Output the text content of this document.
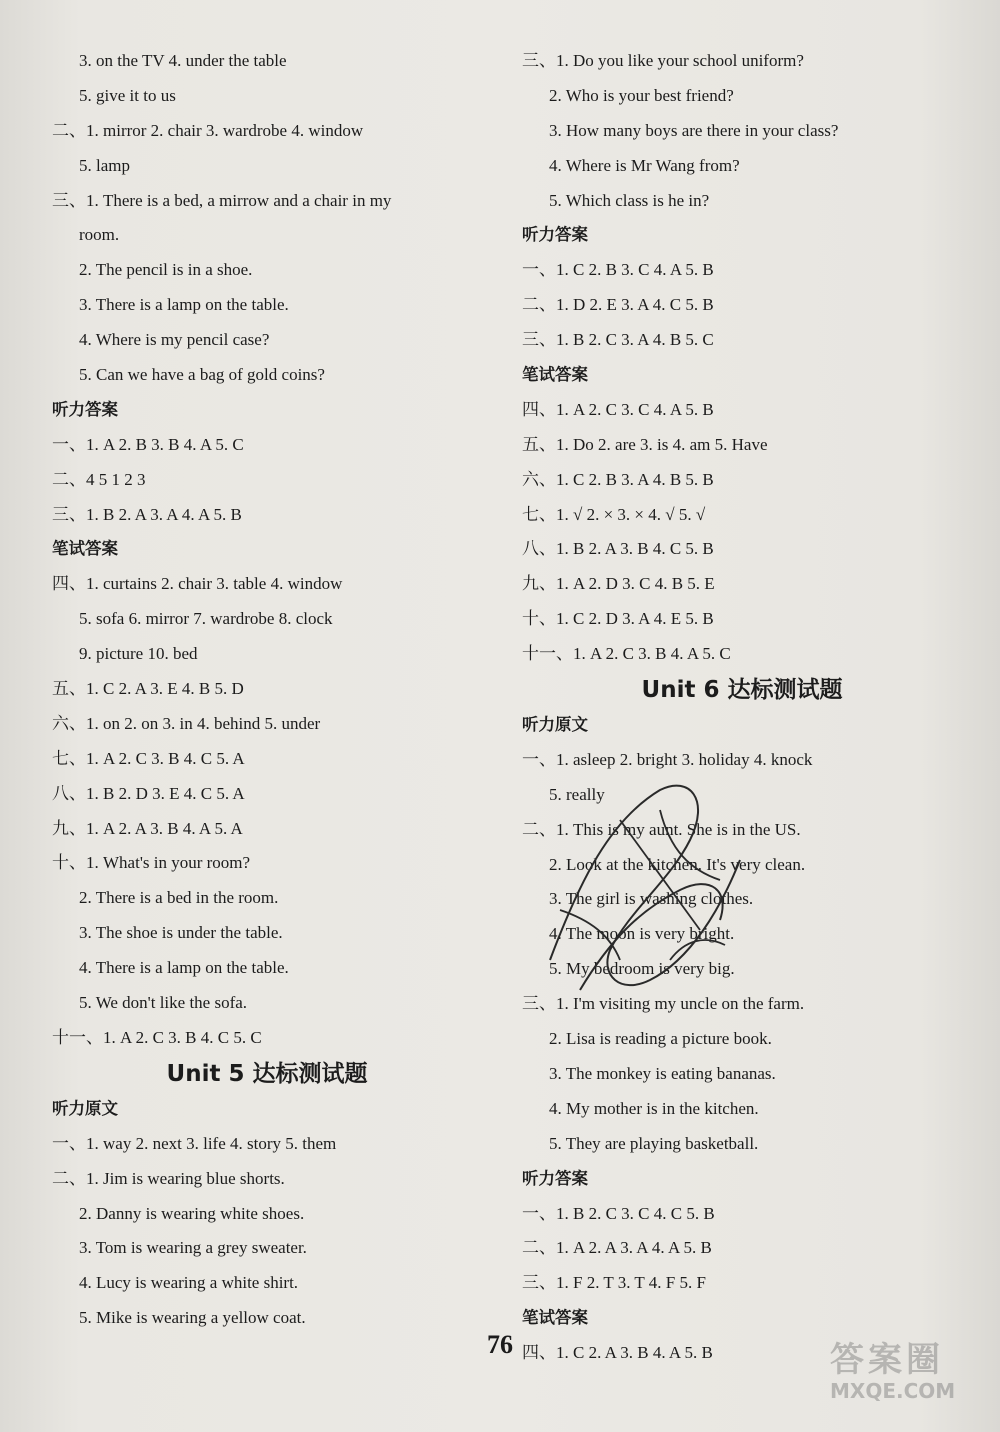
3. on the TV 4. under the table
5. give it to us
二、1. mirror 2. chair 3. wardrobe 4. window
5. lamp
三、1. There is a bed, a mirrow and a chair in my
room.
2. The pencil is in a shoe.
3. There is a lamp on the table.
4. Where is my pencil case?
5. Can we have a bag of gold coins?
听力答案
一、1. A 2. B 3. B 4. A 5. C
二、4 5 1 2 3
三、1. B 2. A 3. A 4. A 5. B
笔试答案
四、1. curtains 2. chair 3. table 4. window
5. sofa 6. mirror 7. wardrobe 8. clock
9. picture 10. bed
五、1. C 2. A 3. E 4. B 5. D
六、1. on 2. on 3. in 4. behind 5. under
七、1. A 2. C 3. B 4. C 5. A
八、1. B 2. D 3. E 4. C 5. A
九、1. A 2. A 3. B 4. A 5. A
十、1. What's in your room?
2. There is a bed in the room.
3. The shoe is under the table.
4. There is a lamp on the table.
5. We don't like the sofa.
十一、1. A 2. C 3. B 4. C 5. C
Unit 5 达标测试题
听力原文
一、1. way 2. next 3. life 4. story 5. them
二、1. Jim is wearing blue shorts.
2. Danny is wearing white shoes.
3. Tom is wearing a grey sweater.
4. Lucy is wearing a white shirt.
5. Mike is wearing a yellow coat.
三、1. Do you like your school uniform?
2. Who is your best friend?
3. How many boys are there in your class?
4. Where is Mr Wang from?
5. Which class is he in?
听力答案
一、1. C 2. B 3. C 4. A 5. B
二、1. D 2. E 3. A 4. C 5. B
三、1. B 2. C 3. A 4. B 5. C
笔试答案
四、1. A 2. C 3. C 4. A 5. B
五、1. Do 2. are 3. is 4. am 5. Have
六、1. C 2. B 3. A 4. B 5. B
七、1. √ 2. × 3. × 4. √ 5. √
八、1. B 2. A 3. B 4. C 5. B
九、1. A 2. D 3. C 4. B 5. E
十、1. C 2. D 3. A 4. E 5. B
十一、1. A 2. C 3. B 4. A 5. C
Unit 6 达标测试题
听力原文
一、1. asleep 2. bright 3. holiday 4. knock
5. really
二、1. This is my aunt. She is in the US.
2. Look at the kitchen. It's very clean.
3. The girl is washing clothes.
4. The moon is very bright.
5. My bedroom is very big.
三、1. I'm visiting my uncle on the farm.
2. Lisa is reading a picture book.
3. The monkey is eating bananas.
4. My mother is in the kitchen.
5. They are playing basketball.
听力答案
一、1. B 2. C 3. C 4. C 5. B
二、1. A 2. A 3. A 4. A 5. B
三、1. F 2. T 3. T 4. F 5. F
笔试答案
四、1. C 2. A 3. B 4. A 5. B
76	答案圈
MXQE.COM
